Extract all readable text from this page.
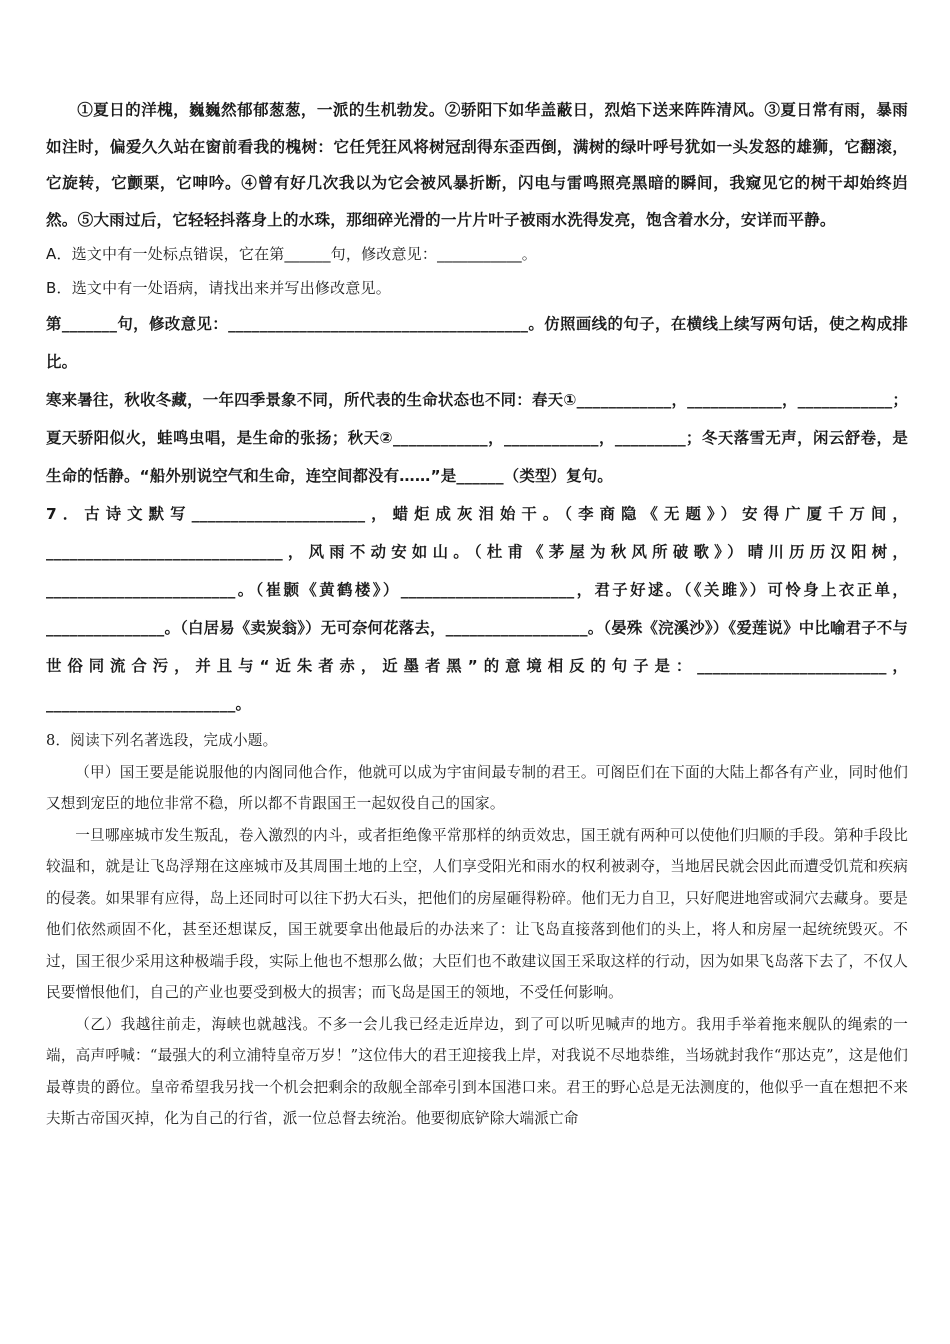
①夏日的洋槐，巍巍然郁郁葱葱，一派的生机勃发。②骄阳下如华盖蔽日，烈焰下送来阵阵清风。③夏日常有雨，暴雨如注时，偏爱久久站在窗前看我的槐树：它任凭狂风将树冠刮得东歪西倒，满树的绿叶呼号犹如一头发怒的雄狮，它翻滚，它旋转，它颤栗，它呻吟。④曾有好几次我以为它会被风暴折断，闪电与雷鸣照亮黑暗的瞬间，我窥见它的树干却始终岿然。⑤大雨过后，它轻轻抖落身上的水珠，那细碎光滑的一片片叶子被雨水洗得发亮，饱含着水分，安详而平静。

A．选文中有一处标点错误，它在第______句，修改意见：___________。

B．选文中有一处语病，请找出来并写出修改意见。

第_______句，修改意见：______________________________________。仿照画线的句子，在横线上续写两句话，使之构成排比。

寒来暑往，秋收冬藏，一年四季景象不同，所代表的生命状态也不同：春天①____________，____________，____________；夏天骄阳似火，蛙鸣虫唱，是生命的张扬；秋天②____________，____________，_________；冬天落雪无声，闲云舒卷，是生命的恬静。“船外别说空气和生命，连空间都没有……”是______（类型）复句。

7．古诗文默写______________________，蜡炬成灰泪始干。（李商隐《无题》）安得广厦千万间，______________________________，风雨不动安如山。（杜甫《茅屋为秋风所破歌》）晴川历历汉阳树，________________________。（崔颢《黄鹤楼》）______________________，君子好逑。（《关雎》）可怜身上衣正单，_______________。（白居易《卖炭翁》）无可奈何花落去，__________________。（晏殊《浣溪沙》）《爱莲说》中比喻君子不与世俗同流合污，并且与“近朱者赤，近墨者黑”的意境相反的句子是：________________________，________________________。

8．阅读下列名著选段，完成小题。

（甲）国王要是能说服他的内阁同他合作，他就可以成为宇宙间最专制的君王。可阁臣们在下面的大陆上都各有产业，同时他们又想到宠臣的地位非常不稳，所以都不肯跟国王一起奴役自己的国家。

一旦哪座城市发生叛乱，卷入激烈的内斗，或者拒绝像平常那样的纳贡效忠，国王就有两种可以使他们归顺的手段。第种手段比较温和，就是让飞岛浮翔在这座城市及其周围土地的上空，人们享受阳光和雨水的权利被剥夺，当地居民就会因此而遭受饥荒和疾病的侵袭。如果罪有应得，岛上还同时可以往下扔大石头，把他们的房屋砸得粉碎。他们无力自卫，只好爬进地窖或洞穴去藏身。要是他们依然顽固不化，甚至还想谋反，国王就要拿出他最后的办法来了：让飞岛直接落到他们的头上，将人和房屋一起统统毁灭。不过，国王很少采用这种极端手段，实际上他也不想那么做；大臣们也不敢建议国王采取这样的行动，因为如果飞岛落下去了，不仅人民要憎恨他们，自己的产业也要受到极大的损害；而飞岛是国王的领地，不受任何影响。

（乙）我越往前走，海峡也就越浅。不多一会儿我已经走近岸边，到了可以听见喊声的地方。我用手举着拖来舰队的绳索的一端，高声呼喊：“最强大的利立浦特皇帝万岁！”这位伟大的君王迎接我上岸，对我说不尽地恭维，当场就封我作“那达克”，这是他们最尊贵的爵位。皇帝希望我另找一个机会把剩余的敌舰全部牵引到本国港口来。君王的野心总是无法测度的，他似乎一直在想把不来夫斯古帝国灭掉，化为自己的行省，派一位总督去统治。他要彻底铲除大端派亡命
